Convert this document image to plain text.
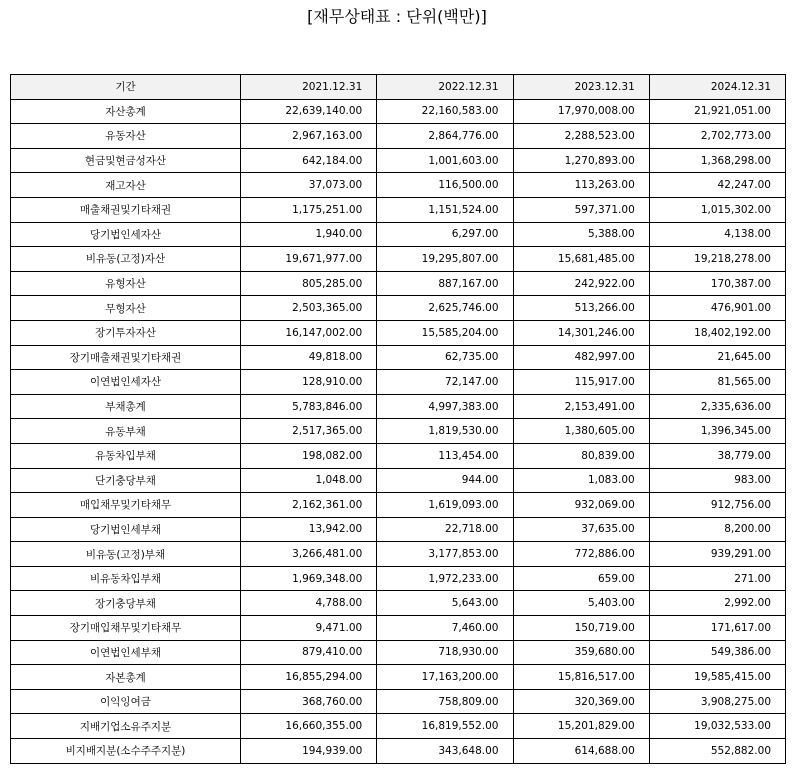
[재무상태표 : 단위(백만)]
기간	2021.12.31	2022.12.31	2023.12.31	2024.12.31
자산총계	22,639,140.00	22,160,583.00	17,970,008.00	21,921,051.00
유동자산	2,967,163.00	2,864,776.00	2,288,523.00	2,702,773.00
현금및현금성자산	642,184.00	1,001,603.00	1,270,893.00	1,368,298.00
재고자산	37,073.00	116,500.00	113,263.00	42,247.00
매출채권및기타채권	1,175,251.00	1,151,524.00	597,371.00	1,015,302.00
당기법인세자산	1,940.00	6,297.00	5,388.00	4,138.00
비유동(고정)자산	19,671,977.00	19,295,807.00	15,681,485.00	19,218,278.00
유형자산	805,285.00	887,167.00	242,922.00	170,387.00
무형자산	2,503,365.00	2,625,746.00	513,266.00	476,901.00
장기투자자산	16,147,002.00	15,585,204.00	14,301,246.00	18,402,192.00
장기매출채권및기타채권	49,818.00	62,735.00	482,997.00	21,645.00
이연법인세자산	128,910.00	72,147.00	115,917.00	81,565.00
부채총계	5,783,846.00	4,997,383.00	2,153,491.00	2,335,636.00
유동부채	2,517,365.00	1,819,530.00	1,380,605.00	1,396,345.00
유동차입부채	198,082.00	113,454.00	80,839.00	38,779.00
단기충당부채	1,048.00	944.00	1,083.00	983.00
매입채무및기타채무	2,162,361.00	1,619,093.00	932,069.00	912,756.00
당기법인세부채	13,942.00	22,718.00	37,635.00	8,200.00
비유동(고정)부채	3,266,481.00	3,177,853.00	772,886.00	939,291.00
비유동차입부채	1,969,348.00	1,972,233.00	659.00	271.00
장기충당부채	4,788.00	5,643.00	5,403.00	2,992.00
장기매입채무및기타채무	9,471.00	7,460.00	150,719.00	171,617.00
이연법인세부채	879,410.00	718,930.00	359,680.00	549,386.00
자본총계	16,855,294.00	17,163,200.00	15,816,517.00	19,585,415.00
이익잉여금	368,760.00	758,809.00	320,369.00	3,908,275.00
지배기업소유주지분	16,660,355.00	16,819,552.00	15,201,829.00	19,032,533.00
비지배지분(소수주주지분)	194,939.00	343,648.00	614,688.00	552,882.00
